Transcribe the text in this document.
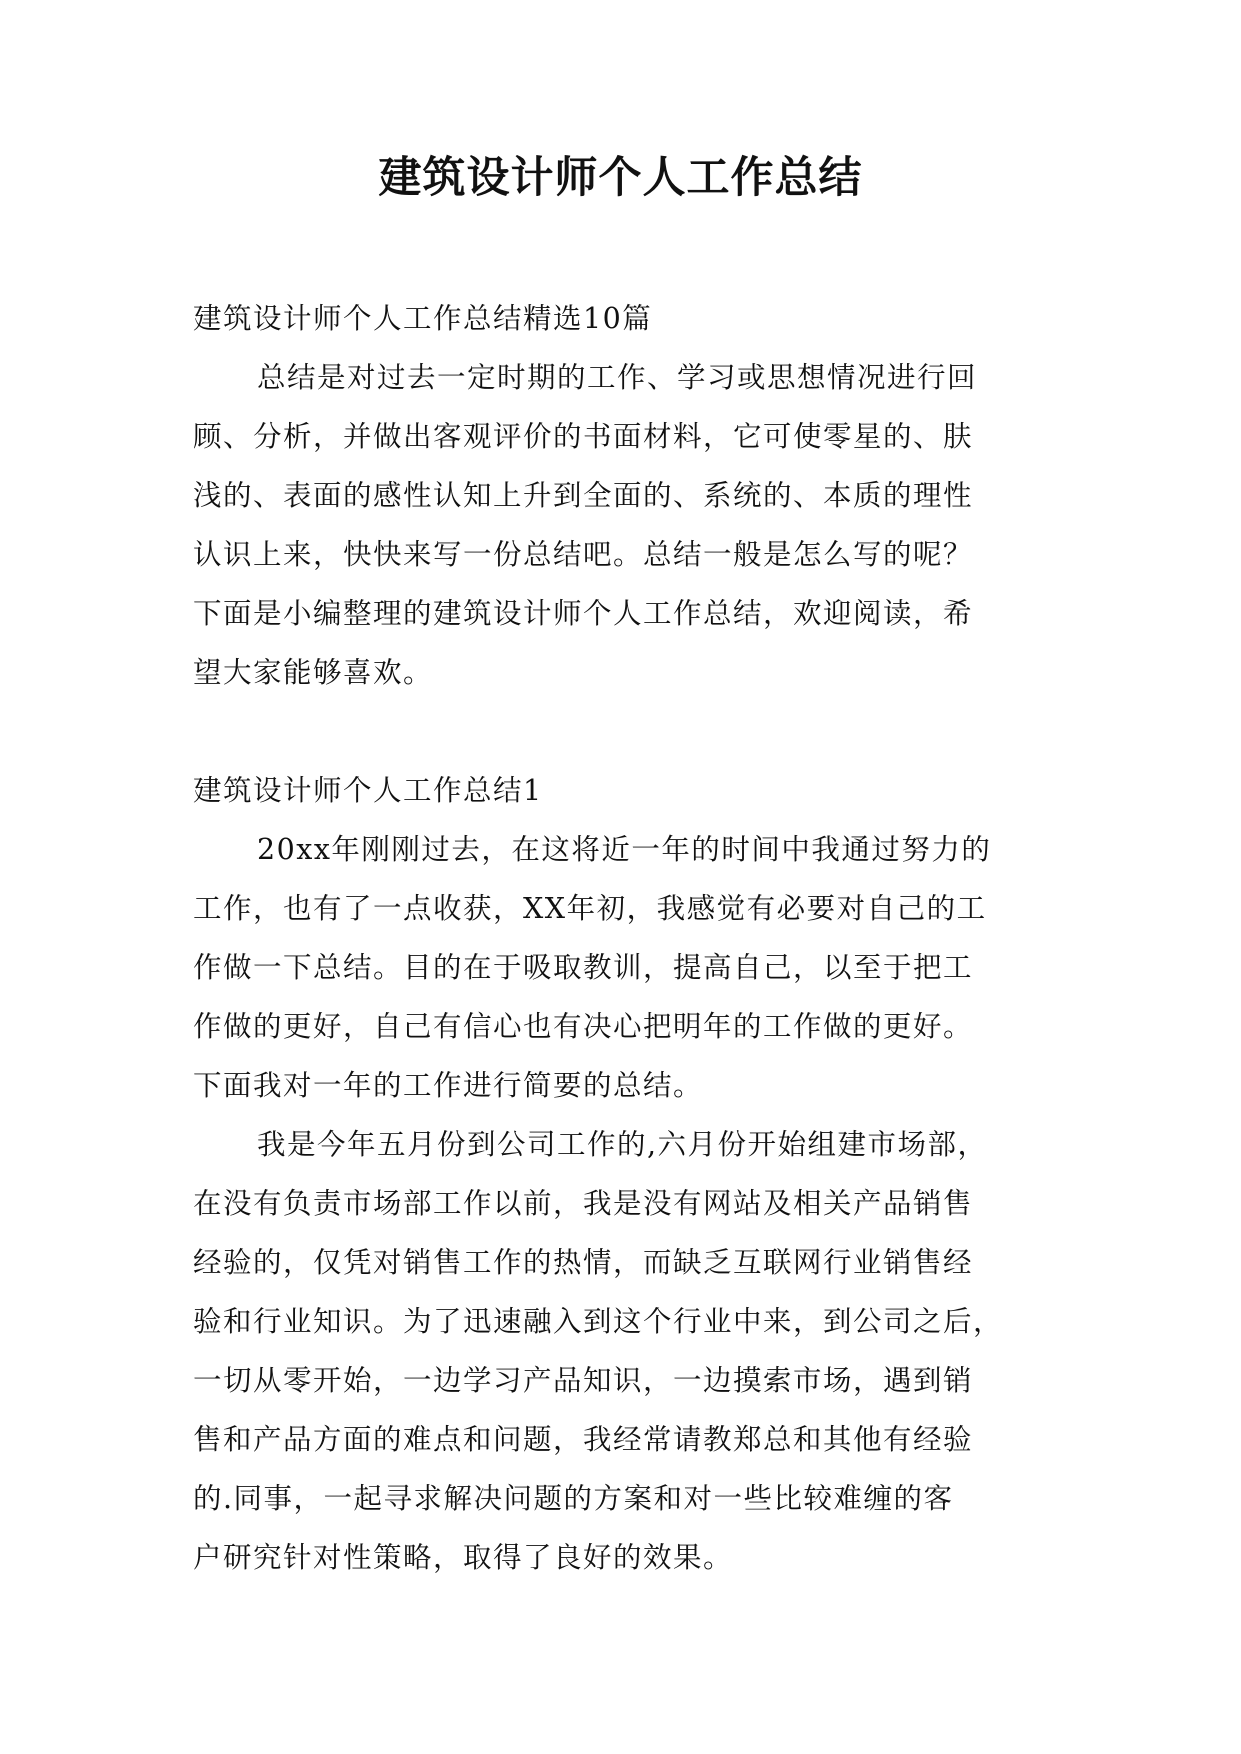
建筑设计师个人工作总结
建筑设计师个人工作总结精选10篇
总结是对过去一定时期的工作、学习或思想情况进行回
顾、分析，并做出客观评价的书面材料，它可使零星的、肤
浅的、表面的感性认知上升到全面的、系统的、本质的理性
认识上来，快快来写一份总结吧。总结一般是怎么写的呢？
下面是小编整理的建筑设计师个人工作总结，欢迎阅读，希
望大家能够喜欢。
建筑设计师个人工作总结1
20xx年刚刚过去，在这将近一年的时间中我通过努力的
工作，也有了一点收获，XX年初，我感觉有必要对自己的工
作做一下总结。目的在于吸取教训，提高自己，以至于把工
作做的更好，自己有信心也有决心把明年的工作做的更好。
下面我对一年的工作进行简要的总结。
我是今年五月份到公司工作的,六月份开始组建市场部，
在没有负责市场部工作以前，我是没有网站及相关产品销售
经验的，仅凭对销售工作的热情，而缺乏互联网行业销售经
验和行业知识。为了迅速融入到这个行业中来，到公司之后，
一切从零开始，一边学习产品知识，一边摸索市场，遇到销
售和产品方面的难点和问题，我经常请教郑总和其他有经验
的.同事，一起寻求解决问题的方案和对一些比较难缠的客
户研究针对性策略，取得了良好的效果。
